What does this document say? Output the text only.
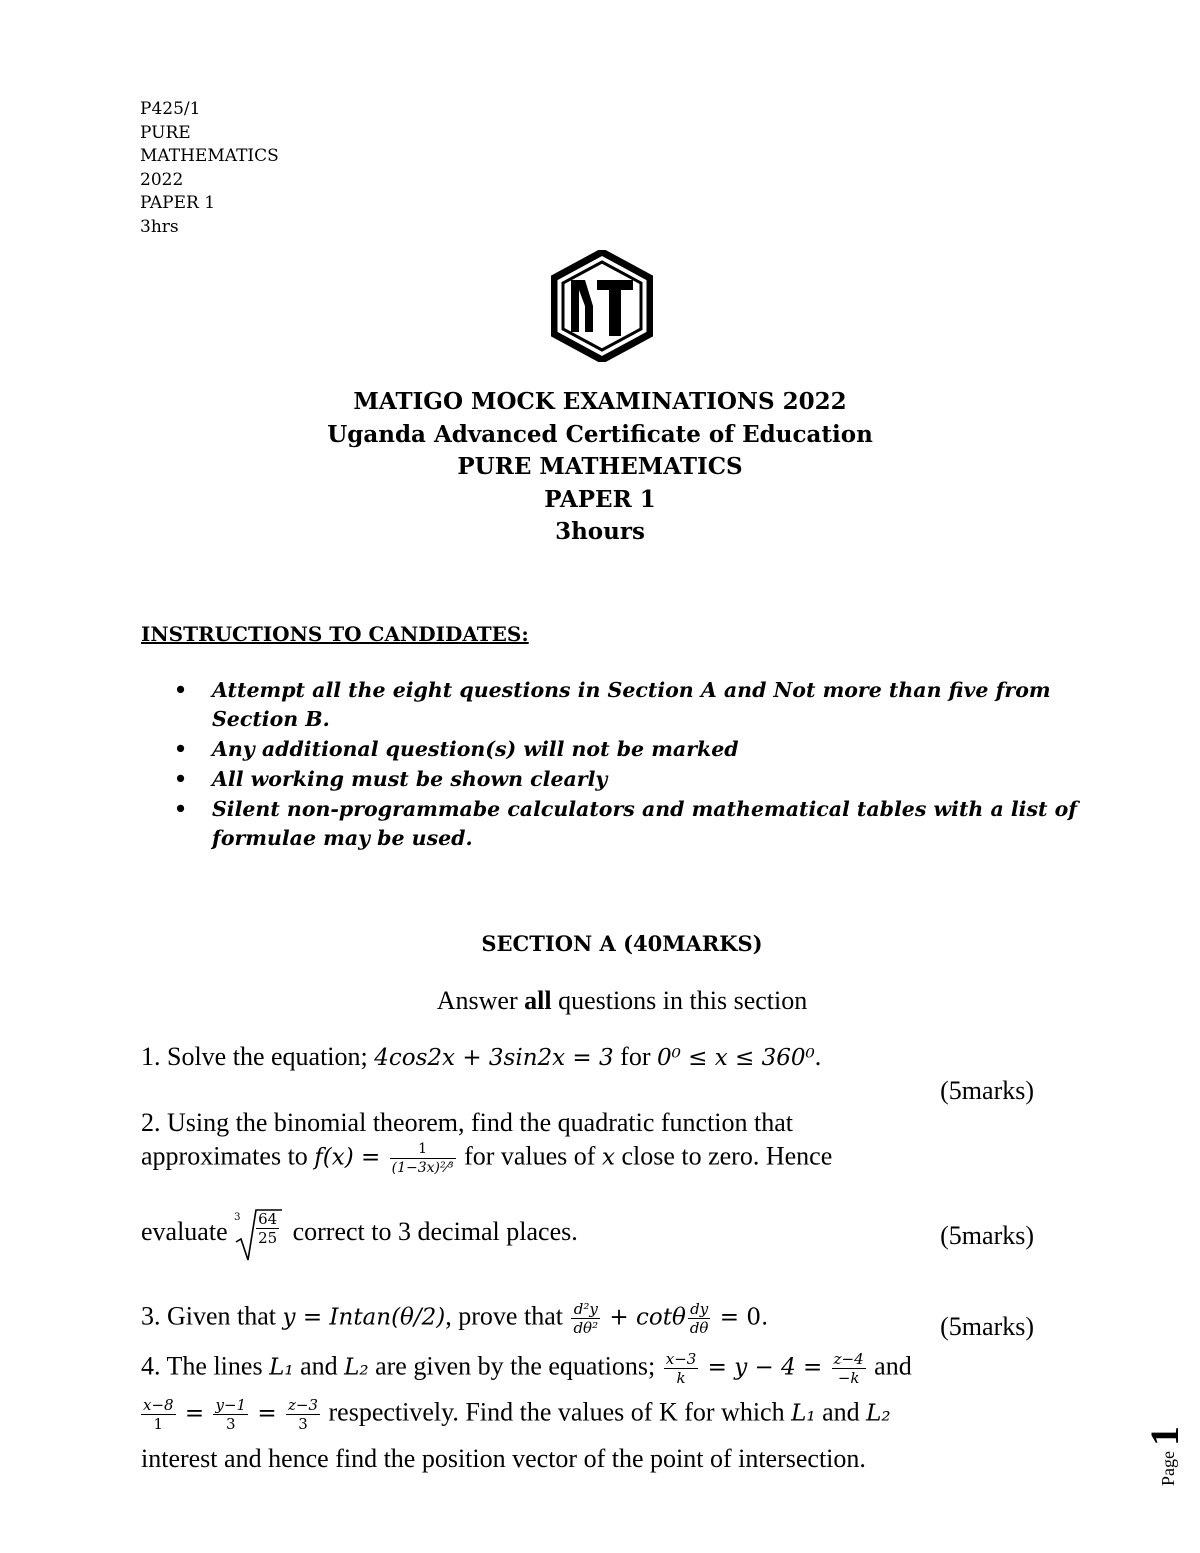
P425/1
PURE
MATHEMATICS
2022
PAPER 1
3hrs
MATIGO MOCK EXAMINATIONS 2022
Uganda Advanced Certificate of Education
PURE MATHEMATICS
PAPER 1
3hours
INSTRUCTIONS TO CANDIDATES:
• Attempt all the eight questions in Section A and Not more than five from Section B.
• Any additional question(s) will not be marked
• All working must be shown clearly
• Silent non-programmabe calculators and mathematical tables with a list of formulae may be used.
SECTION A (40MARKS)
Answer all questions in this section
1. Solve the equation; 4cos2x + 3sin2x = 3 for 0⁰ ≤ x ≤ 360⁰.
(5marks)
2. Using the binomial theorem, find the quadratic function that
approximates to $f(x) = \frac{1}{\text{(1−3x)²⁄³}}$ for values of x close to zero. Hence
evaluate $3 \frac{64}{25}$ correct to 3 decimal places.	(5marks)
3. Given that y = Intan(θ/2), prove that $\frac{\text{d²y}}{\text{dθ²}} + \cot\theta \frac{dy}{d\theta} = 0$.	(5marks)
4. The lines L₁ and L₂ are given by the equations; $\frac{x-3}{k} = y - 4 = \frac{z-4}{-k}$ and
$\frac{x-8}{1} = \frac{y-1}{3} = \frac{z-3}{3}$ respectively. Find the values of K for which L₁ and L₂
interest and hence find the position vector of the point of intersection.	Page
1
